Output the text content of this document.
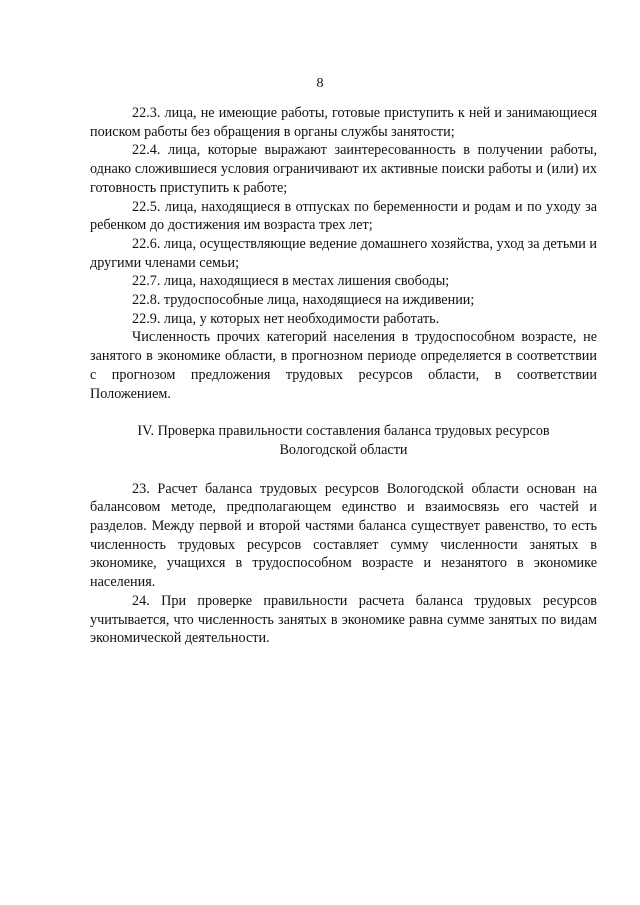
8

22.3. лица, не имеющие работы, готовые приступить к ней и занимающиеся поиском работы без обращения в органы службы занятости;

22.4. лица, которые выражают заинтересованность в получении работы, однако сложившиеся условия ограничивают их активные поиски работы и (или) их готовность приступить к работе;

22.5. лица, находящиеся в отпусках по беременности и родам и по уходу за ребенком до достижения им возраста трех лет;

22.6. лица, осуществляющие ведение домашнего хозяйства, уход за детьми и другими членами семьи;

22.7. лица, находящиеся в местах лишения свободы;

22.8. трудоспособные лица, находящиеся на иждивении;

22.9. лица, у которых нет необходимости работать.

Численность прочих категорий населения в трудоспособном возрасте, не занятого в экономике области, в прогнозном периоде определяется в соответствии с прогнозом предложения трудовых ресурсов области, в соответствии Положением.

IV. Проверка правильности составления баланса трудовых ресурсов
Вологодской области

23. Расчет баланса трудовых ресурсов Вологодской области основан на балансовом методе, предполагающем единство и взаимосвязь его частей и разделов. Между первой и второй частями баланса существует равенство, то есть численность трудовых ресурсов составляет сумму численности занятых в экономике, учащихся в трудоспособном возрасте и незанятого в экономике населения.

24. При проверке правильности расчета баланса трудовых ресурсов учитывается, что численность занятых в экономике равна сумме занятых по видам экономической деятельности.
